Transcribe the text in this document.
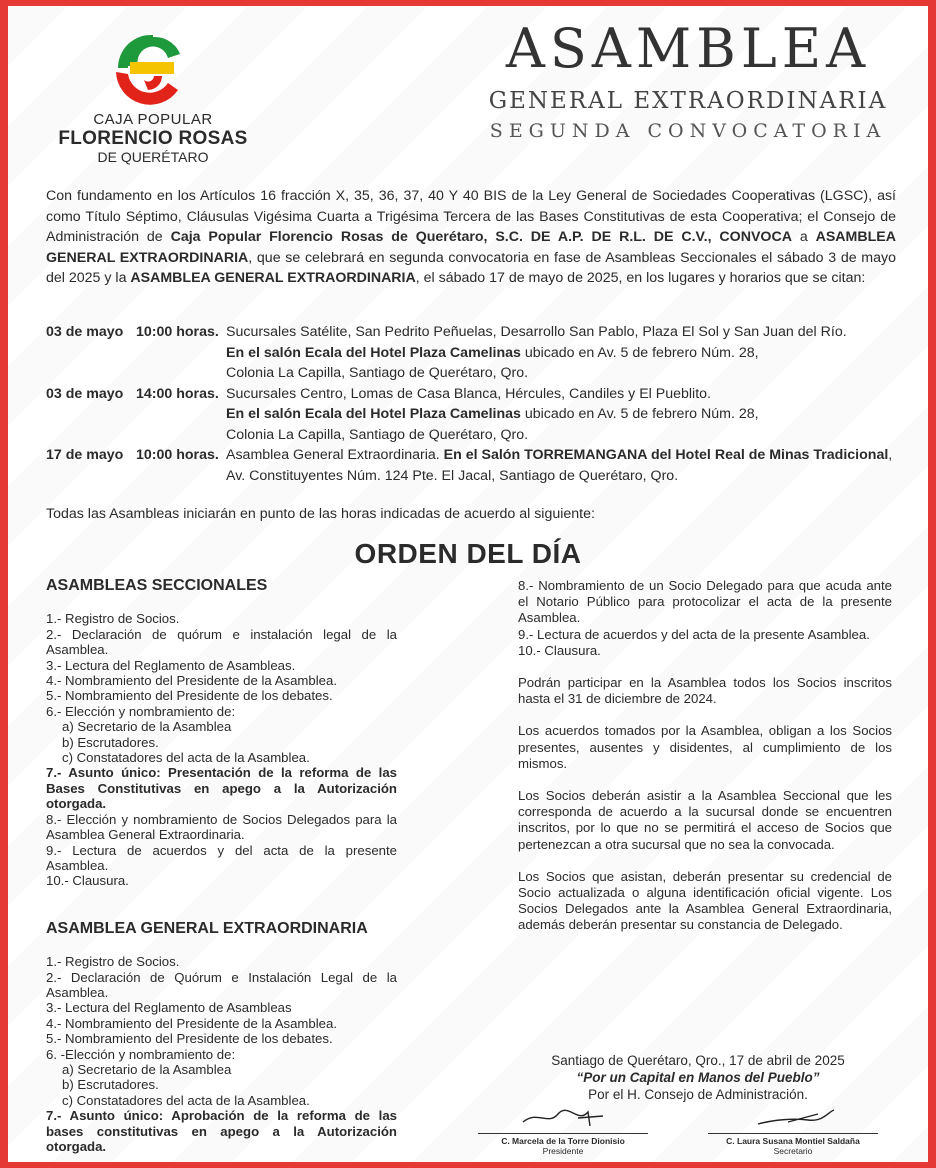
CAJA POPULAR
FLORENCIO ROSAS
DE QUERÉTARO
ASAMBLEA
GENERAL EXTRAORDINARIA
SEGUNDA CONVOCATORIA
Con fundamento en los Artículos 16 fracción X, 35, 36, 37, 40 Y 40 BIS de la Ley General de Sociedades Cooperativas (LGSC), así como Título Séptimo, Cláusulas Vigésima Cuarta a Trigésima Tercera de las Bases Constitutivas de esta Cooperativa; el Consejo de Administración de Caja Popular Florencio Rosas de Querétaro, S.C. DE A.P. DE R.L. DE C.V., CONVOCA a ASAMBLEA GENERAL EXTRAORDINARIA, que se celebrará en segunda convocatoria en fase de Asambleas Seccionales el sábado 3 de mayo del 2025 y la ASAMBLEA GENERAL EXTRAORDINARIA, el sábado 17 de mayo de 2025, en los lugares y horarios que se citan:
03 de mayo 10:00 horas. Sucursales Satélite, San Pedrito Peñuelas, Desarrollo San Pablo, Plaza El Sol y San Juan del Río.
En el salón Ecala del Hotel Plaza Camelinas ubicado en Av. 5 de febrero Núm. 28,
Colonia La Capilla, Santiago de Querétaro, Qro.
03 de mayo 14:00 horas. Sucursales Centro, Lomas de Casa Blanca, Hércules, Candiles y El Pueblito.
En el salón Ecala del Hotel Plaza Camelinas ubicado en Av. 5 de febrero Núm. 28,
Colonia La Capilla, Santiago de Querétaro, Qro.
17 de mayo 10:00 horas. Asamblea General Extraordinaria. En el Salón TORREMANGANA del Hotel Real de Minas Tradicional,
Av. Constituyentes Núm. 124 Pte. El Jacal, Santiago de Querétaro, Qro.
Todas las Asambleas iniciarán en punto de las horas indicadas de acuerdo al siguiente:
ORDEN DEL DÍA
ASAMBLEAS SECCIONALES
1.- Registro de Socios.
2.- Declaración de quórum e instalación legal de la Asamblea.
3.- Lectura del Reglamento de Asambleas.
4.- Nombramiento del Presidente de la Asamblea.
5.- Nombramiento del Presidente de los debates.
6.- Elección y nombramiento de:
a) Secretario de la Asamblea
b) Escrutadores.
c) Constatadores del acta de la Asamblea.
7.- Asunto único: Presentación de la reforma de las Bases Constitutivas en apego a la Autorización otorgada.
8.- Elección y nombramiento de Socios Delegados para la Asamblea General Extraordinaria.
9.- Lectura de acuerdos y del acta de la presente Asamblea.
10.- Clausura.
ASAMBLEA GENERAL EXTRAORDINARIA
1.- Registro de Socios.
2.- Declaración de Quórum e Instalación Legal de la Asamblea.
3.- Lectura del Reglamento de Asambleas
4.- Nombramiento del Presidente de la Asamblea.
5.- Nombramiento del Presidente de los debates.
6. -Elección y nombramiento de:
a) Secretario de la Asamblea
b) Escrutadores.
c) Constatadores del acta de la Asamblea.
7.- Asunto único: Aprobación de la reforma de las bases constitutivas en apego a la Autorización otorgada.
8.- Nombramiento de un Socio Delegado para que acuda ante el Notario Público para protocolizar el acta de la presente Asamblea.
9.- Lectura de acuerdos y del acta de la presente Asamblea.
10.- Clausura.
Podrán participar en la Asamblea todos los Socios inscritos hasta el 31 de diciembre de 2024.
Los acuerdos tomados por la Asamblea, obligan a los Socios presentes, ausentes y disidentes, al cumplimiento de los mismos.
Los Socios deberán asistir a la Asamblea Seccional que les corresponda de acuerdo a la sucursal donde se encuentren inscritos, por lo que no se permitirá el acceso de Socios que pertenezcan a otra sucursal que no sea la convocada.
Los Socios que asistan, deberán presentar su credencial de Socio actualizada o alguna identificación oficial vigente. Los Socios Delegados ante la Asamblea General Extraordinaria, además deberán presentar su constancia de Delegado.
Santiago de Querétaro, Qro., 17 de abril de 2025
“Por un Capital en Manos del Pueblo”
Por el H. Consejo de Administración.
C. Marcela de la Torre Dionisio
Presidente
C. Laura Susana Montiel Saldaña
Secretario
